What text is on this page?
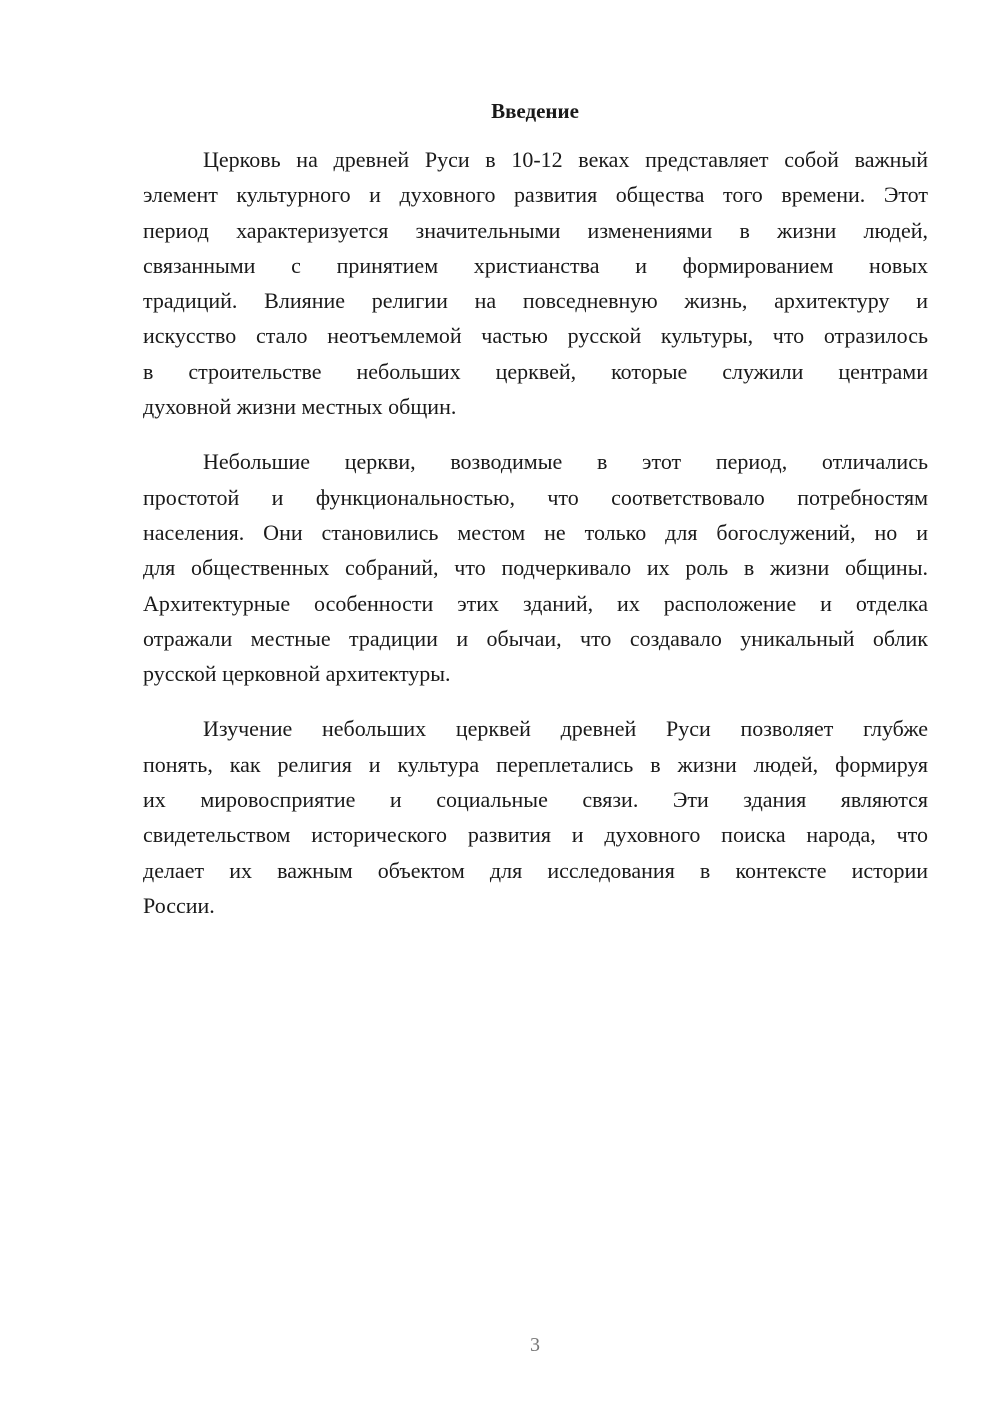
Введение
Церковь на древней Руси в 10-12 веках представляет собой важный
элемент культурного и духовного развития общества того времени. Этот
период характеризуется значительными изменениями в жизни людей,
связанными с принятием христианства и формированием новых
традиций. Влияние религии на повседневную жизнь, архитектуру и
искусство стало неотъемлемой частью русской культуры, что отразилось
в строительстве небольших церквей, которые служили центрами
духовной жизни местных общин.
Небольшие церкви, возводимые в этот период, отличались
простотой и функциональностью, что соответствовало потребностям
населения. Они становились местом не только для богослужений, но и
для общественных собраний, что подчеркивало их роль в жизни общины.
Архитектурные особенности этих зданий, их расположение и отделка
отражали местные традиции и обычаи, что создавало уникальный облик
русской церковной архитектуры.
Изучение небольших церквей древней Руси позволяет глубже
понять, как религия и культура переплетались в жизни людей, формируя
их мировосприятие и социальные связи. Эти здания являются
свидетельством исторического развития и духовного поиска народа, что
делает их важным объектом для исследования в контексте истории
России.
3
